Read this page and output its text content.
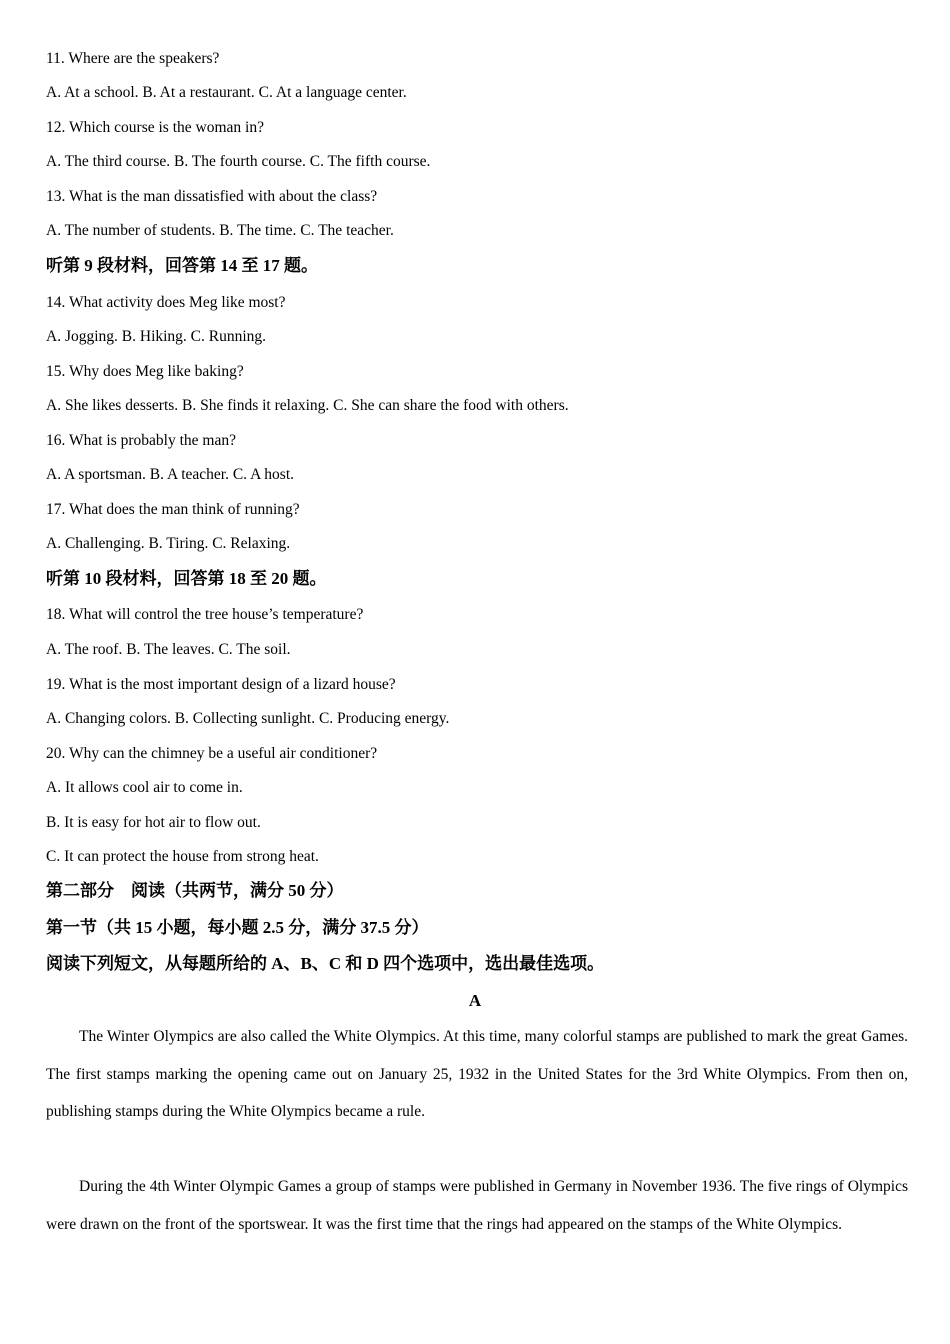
11. Where are the speakers?
A. At a school. B. At a restaurant. C. At a language center.
12. Which course is the woman in?
A. The third course. B. The fourth course. C. The fifth course.
13. What is the man dissatisfied with about the class?
A. The number of students. B. The time. C. The teacher.
听第 9 段材料，回答第 14 至 17 题。
14. What activity does Meg like most?
A. Jogging. B. Hiking. C. Running.
15. Why does Meg like baking?
A. She likes desserts. B. She finds it relaxing. C. She can share the food with others.
16. What is probably the man?
A. A sportsman. B. A teacher. C. A host.
17. What does the man think of running?
A. Challenging. B. Tiring. C. Relaxing.
听第 10 段材料，回答第 18 至 20 题。
18. What will control the tree house’s temperature?
A. The roof. B. The leaves. C. The soil.
19. What is the most important design of a lizard house?
A. Changing colors. B. Collecting sunlight. C. Producing energy.
20. Why can the chimney be a useful air conditioner?
A. It allows cool air to come in.
B. It is easy for hot air to flow out.
C. It can protect the house from strong heat.
第二部分　阅读（共两节，满分 50 分）
第一节（共 15 小题，每小题 2.5 分，满分 37.5 分）
阅读下列短文，从每题所给的 A、B、C 和 D 四个选项中，选出最佳选项。
A

The Winter Olympics are also called the White Olympics. At this time, many colorful stamps are published to mark the great Games. The first stamps marking the opening came out on January 25, 1932 in the United States for the 3rd White Olympics. From then on, publishing stamps during the White Olympics became a rule.

During the 4th Winter Olympic Games a group of stamps were published in Germany in November 1936. The five rings of Olympics were drawn on the front of the sportswear. It was the first time that the rings had appeared on the stamps of the White Olympics.
